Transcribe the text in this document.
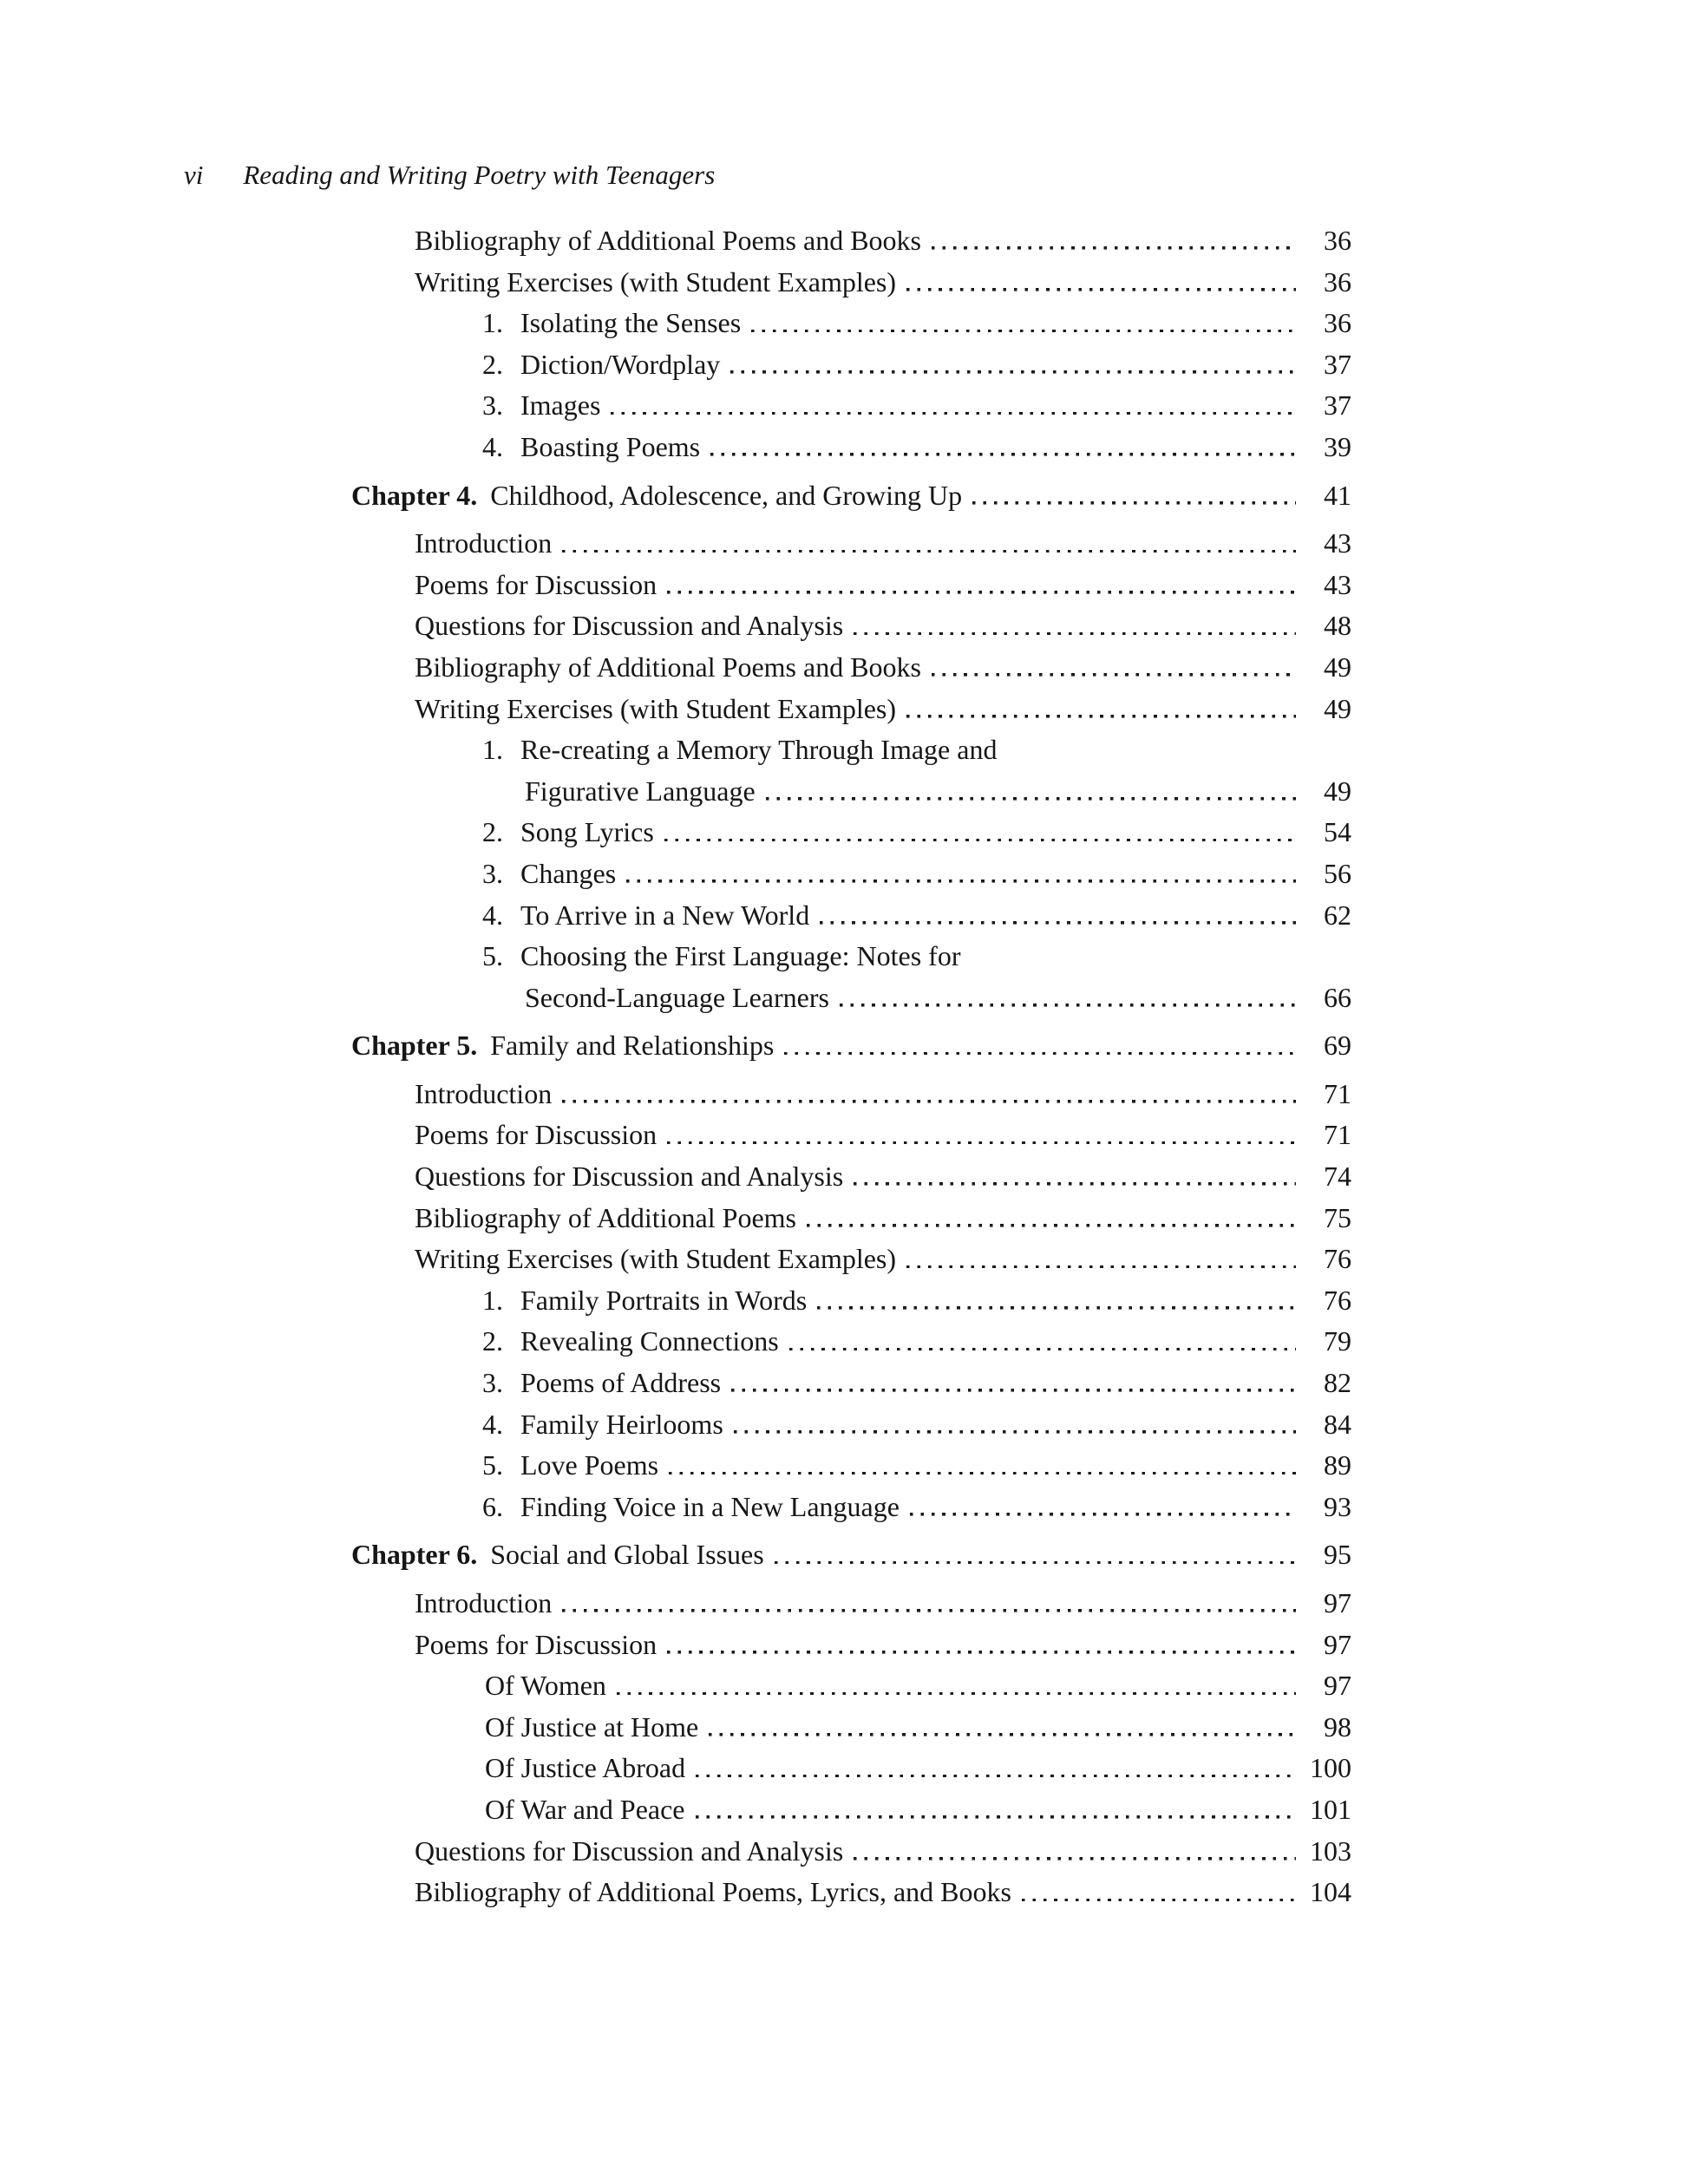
vi Reading and Writing Poetry with Teenagers
Bibliography of Additional Poems and Books	36
Writing Exercises (with Student Examples)	36
1. Isolating the Senses	36
2. Diction/Wordplay	37
3. Images	37
4. Boasting Poems	39
Chapter 4. Childhood, Adolescence, and Growing Up	41
Introduction	43
Poems for Discussion	43
Questions for Discussion and Analysis	48
Bibliography of Additional Poems and Books	49
Writing Exercises (with Student Examples)	49
1. Re-creating a Memory Through Image and
Figurative Language	49
2. Song Lyrics	54
3. Changes	56
4. To Arrive in a New World	62
5. Choosing the First Language: Notes for
Second-Language Learners	66
Chapter 5. Family and Relationships	69
Introduction	71
Poems for Discussion	71
Questions for Discussion and Analysis	74
Bibliography of Additional Poems	75
Writing Exercises (with Student Examples)	76
1. Family Portraits in Words	76
2. Revealing Connections	79
3. Poems of Address	82
4. Family Heirlooms	84
5. Love Poems	89
6. Finding Voice in a New Language	93
Chapter 6. Social and Global Issues	95
Introduction	97
Poems for Discussion	97
Of Women	97
Of Justice at Home	98
Of Justice Abroad	100
Of War and Peace	101
Questions for Discussion and Analysis	103
Bibliography of Additional Poems, Lyrics, and Books	104
